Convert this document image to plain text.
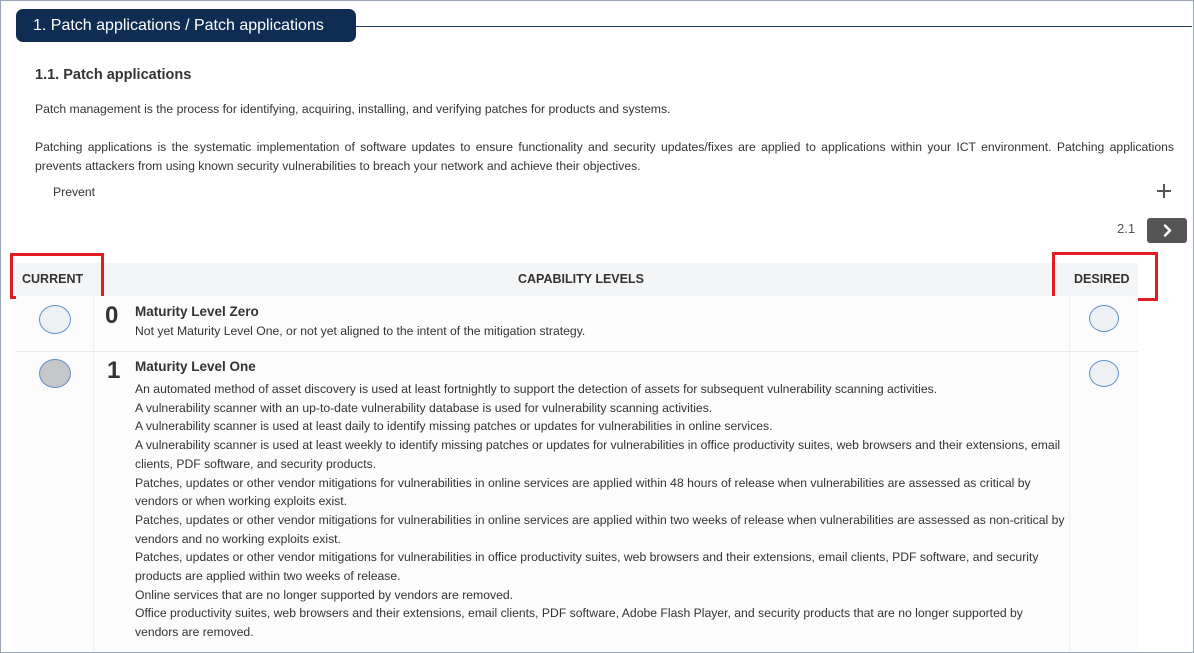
1. Patch applications / Patch applications
1.1. Patch applications
Patch management is the process for identifying, acquiring, installing, and verifying patches for products and systems.
Patching applications is the systematic implementation of software updates to ensure functionality and security updates/fixes are applied to applications within your ICT environment. Patching applications prevents attackers from using known security vulnerabilities to breach your network and achieve their objectives.
Prevent
2.1
CURRENT	CAPABILITY LEVELS	DESIRED
0 Maturity Level Zero
Not yet Maturity Level One, or not yet aligned to the intent of the mitigation strategy.
1 Maturity Level One
An automated method of asset discovery is used at least fortnightly to support the detection of assets for subsequent vulnerability scanning activities.
A vulnerability scanner with an up-to-date vulnerability database is used for vulnerability scanning activities.
A vulnerability scanner is used at least daily to identify missing patches or updates for vulnerabilities in online services.
A vulnerability scanner is used at least weekly to identify missing patches or updates for vulnerabilities in office productivity suites, web browsers and their extensions, email clients, PDF software, and security products.
Patches, updates or other vendor mitigations for vulnerabilities in online services are applied within 48 hours of release when vulnerabilities are assessed as critical by vendors or when working exploits exist.
Patches, updates or other vendor mitigations for vulnerabilities in online services are applied within two weeks of release when vulnerabilities are assessed as non-critical by vendors and no working exploits exist.
Patches, updates or other vendor mitigations for vulnerabilities in office productivity suites, web browsers and their extensions, email clients, PDF software, and security products are applied within two weeks of release.
Online services that are no longer supported by vendors are removed.
Office productivity suites, web browsers and their extensions, email clients, PDF software, Adobe Flash Player, and security products that are no longer supported by vendors are removed.
